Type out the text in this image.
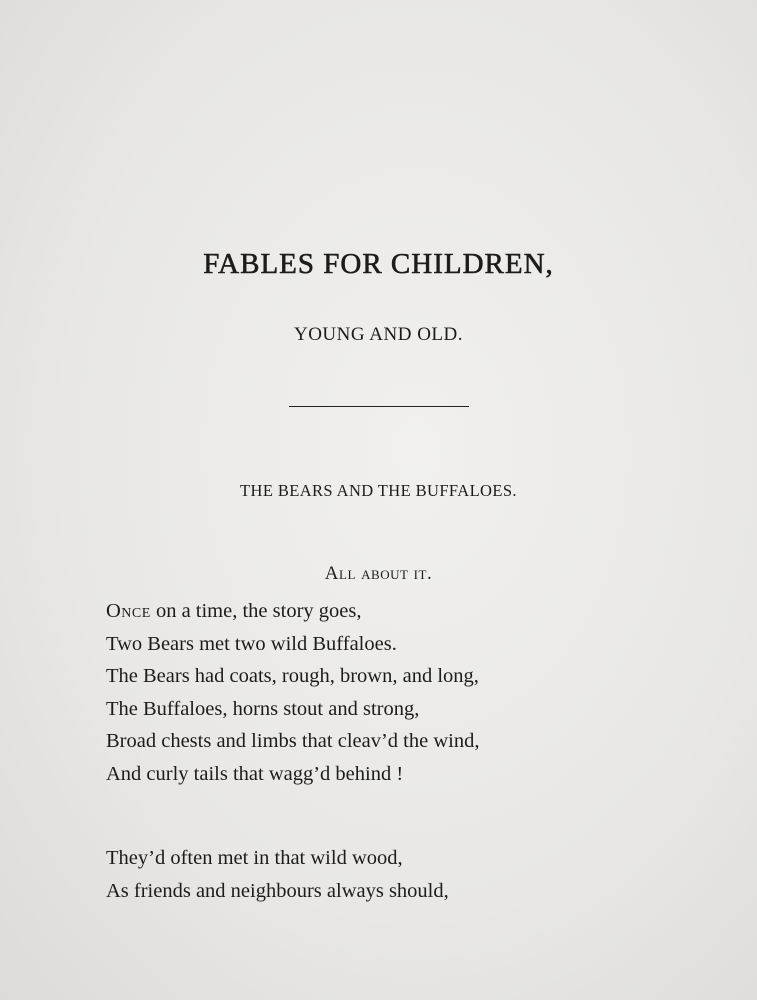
FABLES FOR CHILDREN,
YOUNG AND OLD.
THE BEARS AND THE BUFFALOES.
All about it.
Once on a time, the story goes,
Two Bears met two wild Buffaloes.
The Bears had coats, rough, brown, and long,
The Buffaloes, horns stout and strong,
Broad chests and limbs that cleav’d the wind,
And curly tails that wagg’d behind !
They’d often met in that wild wood,
As friends and neighbours always should,
